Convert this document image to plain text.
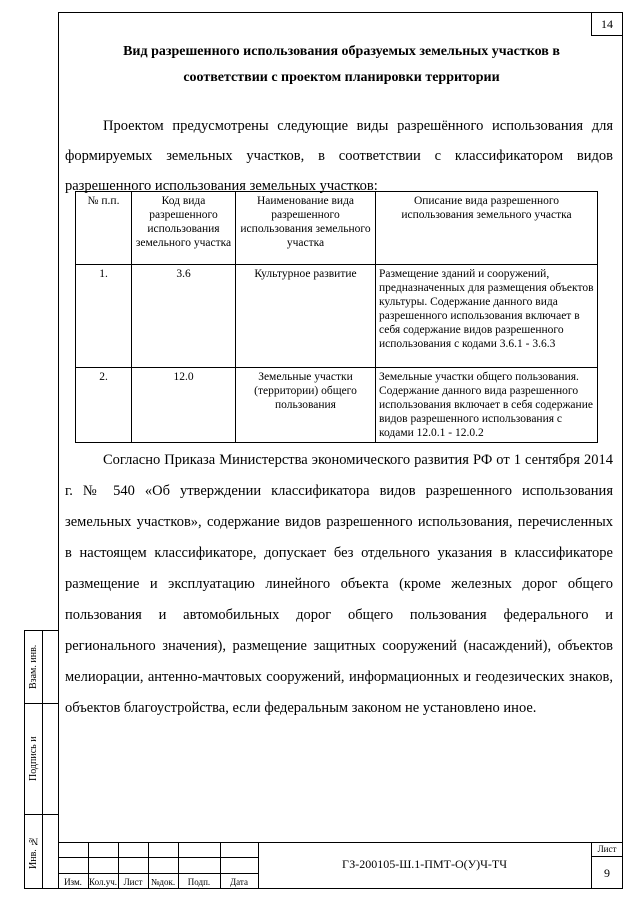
14
Вид разрешенного использования образуемых земельных участков в
соответствии с проектом планировки территории
Проектом предусмотрены следующие виды разрешённого использования для формируемых земельных участков, в соответствии с классификатором видов разрешенного использования земельных участков:
№ п.п.	Код вида разрешенного использования земельного участка	Наименование вида разрешенного использования земельного участка	Описание вида разрешенного использования земельного участка
1.	3.6	Культурное развитие	Размещение зданий и сооружений, предназначенных для размещения объектов культуры. Содержание данного вида разрешенного использования включает в себя содержание видов разрешенного использования с кодами 3.6.1 - 3.6.3
2.	12.0	Земельные участки (территории) общего пользования	Земельные участки общего пользования. Содержание данного вида разрешенного использования включает в себя содержание видов разрешенного использования с кодами 12.0.1 - 12.0.2
Согласно Приказа Министерства экономического развития РФ от 1 сентября 2014 г. № 540 «Об утверждении классификатора видов разрешенного использования земельных участков», содержание видов разрешенного использования, перечисленных в настоящем классификаторе, допускает без отдельного указания в классификаторе размещение и эксплуатацию линейного объекта (кроме железных дорог общего пользования и автомобильных дорог общего пользования федерального и регионального значения), размещение защитных сооружений (насаждений), объектов мелиорации, антенно-мачтовых сооружений, информационных и геодезических знаков, объектов благоустройства, если федеральным законом не установлено иное.
Взам. инв.
Подпись и
Инв. №
Изм. Кол.уч. Лист №док.	Подп.	Дата
ГЗ-200105-Ш.1-ПМТ-О(У)Ч-ТЧ
Лист
9
